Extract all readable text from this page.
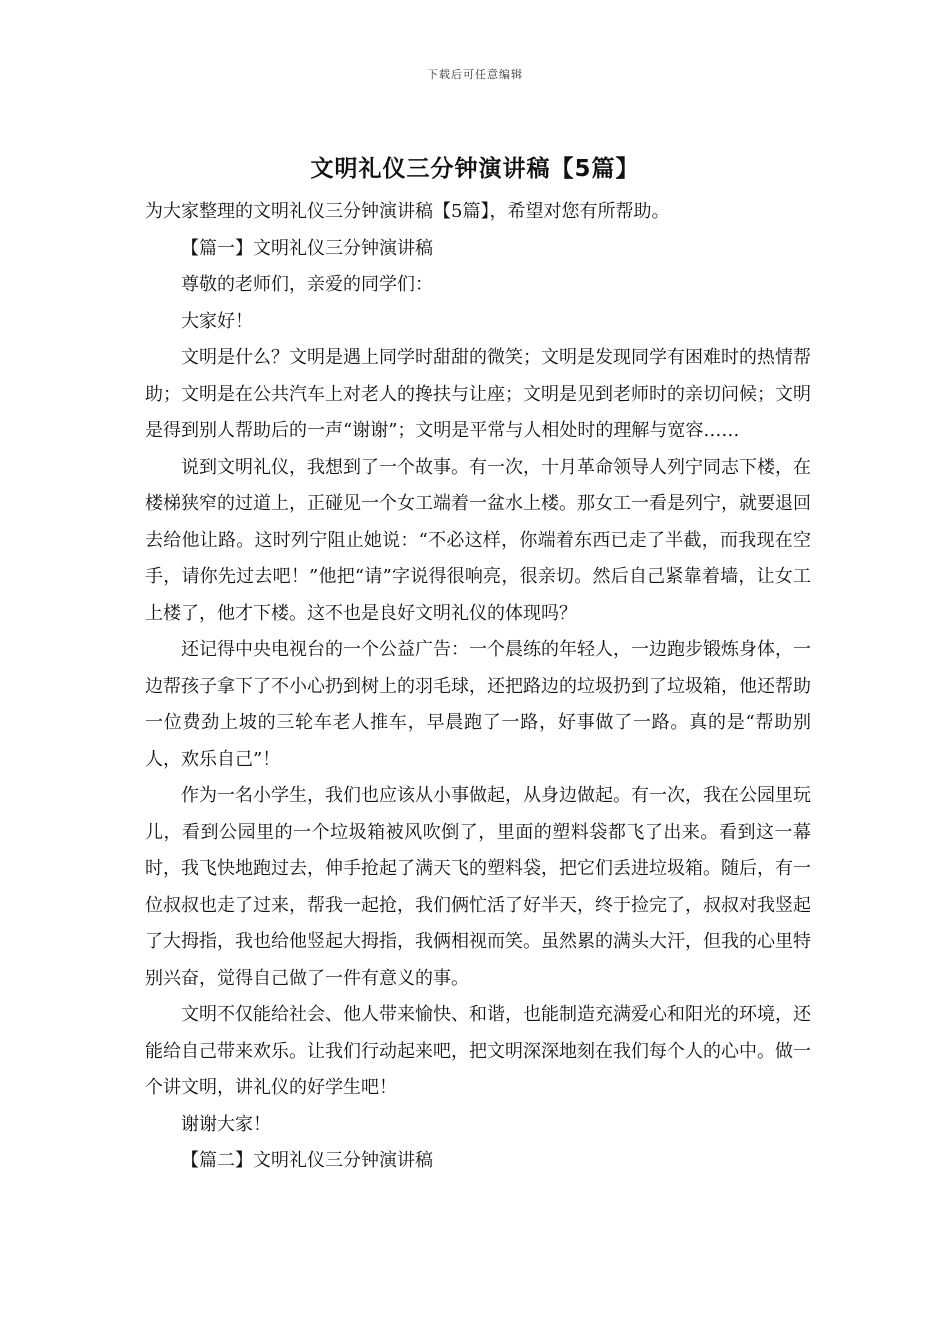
下载后可任意编辑
文明礼仪三分钟演讲稿【5篇】

为大家整理的文明礼仪三分钟演讲稿【5篇】，希望对您有所帮助。

【篇一】文明礼仪三分钟演讲稿

尊敬的老师们，亲爱的同学们：

大家好！

文明是什么？文明是遇上同学时甜甜的微笑；文明是发现同学有困难时的热情帮助；文明是在公共汽车上对老人的搀扶与让座；文明是见到老师时的亲切问候；文明是得到别人帮助后的一声“谢谢”；文明是平常与人相处时的理解与宽容……

说到文明礼仪，我想到了一个故事。有一次，十月革命领导人列宁同志下楼，在楼梯狭窄的过道上，正碰见一个女工端着一盆水上楼。那女工一看是列宁，就要退回去给他让路。这时列宁阻止她说：“不必这样，你端着东西已走了半截，而我现在空手，请你先过去吧！”他把“请”字说得很响亮，很亲切。然后自己紧靠着墙，让女工上楼了，他才下楼。这不也是良好文明礼仪的体现吗？

还记得中央电视台的一个公益广告：一个晨练的年轻人，一边跑步锻炼身体，一边帮孩子拿下了不小心扔到树上的羽毛球，还把路边的垃圾扔到了垃圾箱，他还帮助一位费劲上坡的三轮车老人推车，早晨跑了一路，好事做了一路。真的是“帮助别人，欢乐自己”！

作为一名小学生，我们也应该从小事做起，从身边做起。有一次，我在公园里玩儿，看到公园里的一个垃圾箱被风吹倒了，里面的塑料袋都飞了出来。看到这一幕时，我飞快地跑过去，伸手抢起了满天飞的塑料袋，把它们丢进垃圾箱。随后，有一位叔叔也走了过来，帮我一起抢，我们俩忙活了好半天，终于捡完了，叔叔对我竖起了大拇指，我也给他竖起大拇指，我俩相视而笑。虽然累的满头大汗，但我的心里特别兴奋，觉得自己做了一件有意义的事。

文明不仅能给社会、他人带来愉快、和谐，也能制造充满爱心和阳光的环境，还能给自己带来欢乐。让我们行动起来吧，把文明深深地刻在我们每个人的心中。做一个讲文明，讲礼仪的好学生吧！

谢谢大家！

【篇二】文明礼仪三分钟演讲稿
